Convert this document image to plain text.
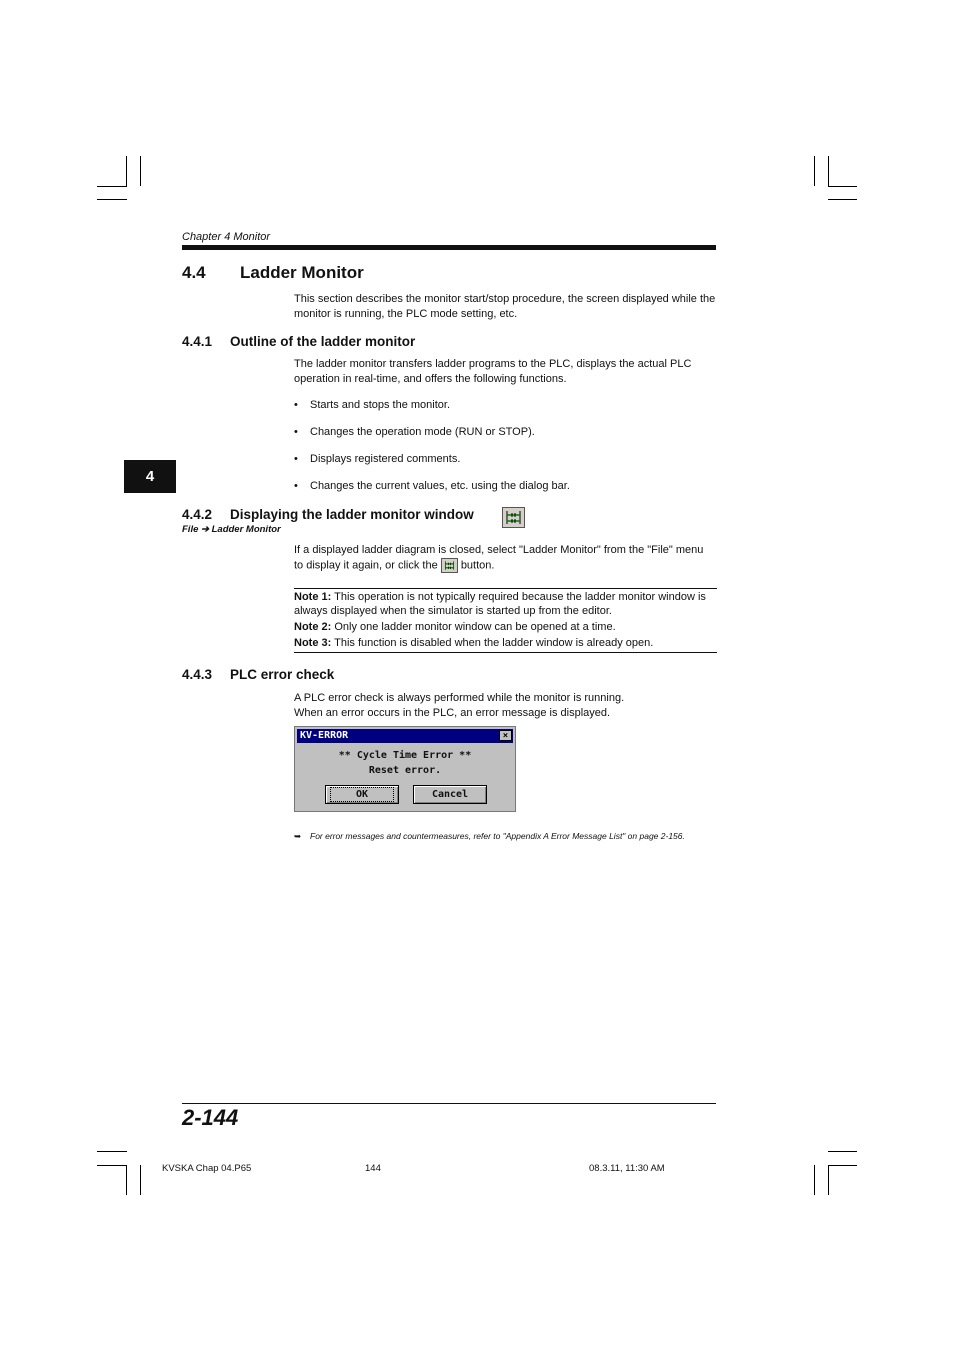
Chapter 4 Monitor
4.4 Ladder Monitor
This section describes the monitor start/stop procedure, the screen displayed while the monitor is running, the PLC mode setting, etc.
4.4.1 Outline of the ladder monitor
The ladder monitor transfers ladder programs to the PLC, displays the actual PLC operation in real-time, and offers the following functions.
• Starts and stops the monitor.
• Changes the operation mode (RUN or STOP).
• Displays registered comments.
• Changes the current values, etc. using the dialog bar.
4
4.4.2 Displaying the ladder monitor window
File ➔ Ladder Monitor
If a displayed ladder diagram is closed, select "Ladder Monitor" from the "File" menu
to display it again, or click the button.

Note 1: This operation is not typically required because the ladder monitor window is always displayed when the simulator is started up from the editor.

Note 2: Only one ladder monitor window can be opened at a time.

Note 3: This function is disabled when the ladder window is already open.

4.4.3 PLC error check
A PLC error check is always performed while the monitor is running.
When an error occurs in the PLC, an error message is displayed.
KV-ERROR	×
** Cycle Time Error **
Reset error.
OK	Cancel
➥ For error messages and countermeasures, refer to "Appendix A Error Message List" on page 2-156.
2-144
KVSKA Chap 04.P65	144	08.3.11, 11:30 AM
